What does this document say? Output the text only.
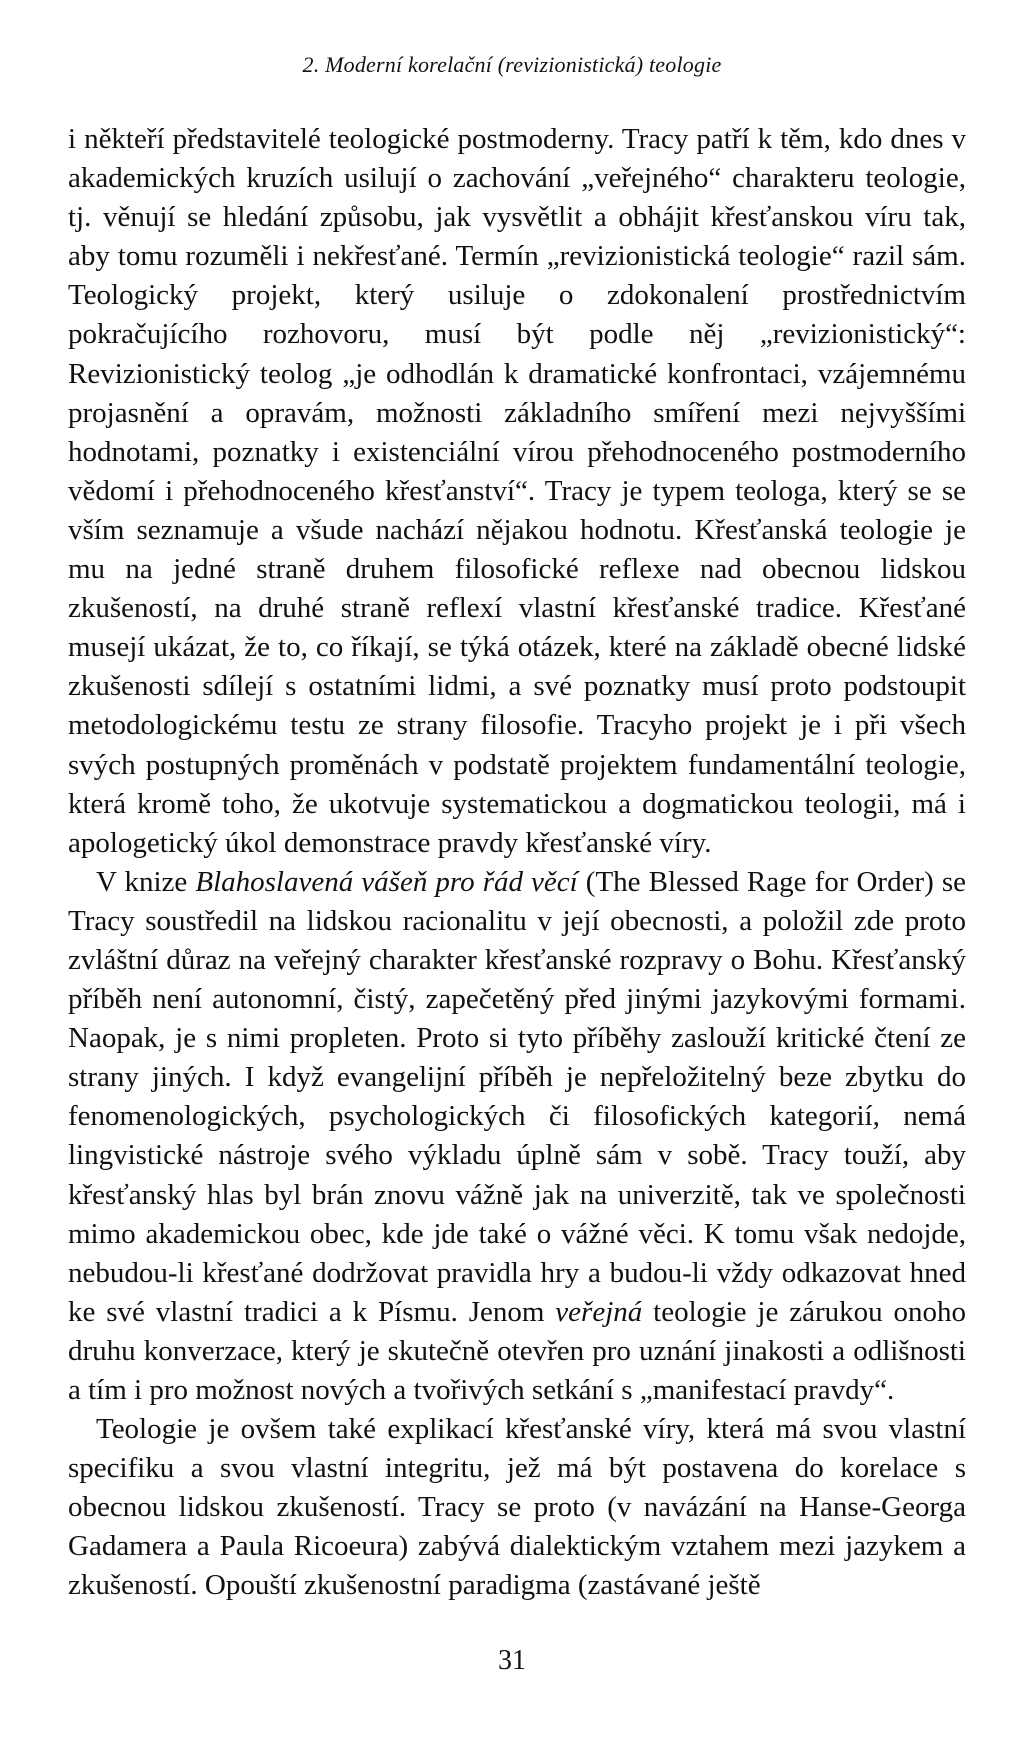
2. Moderní korelační (revizionistická) teologie

i někteří představitelé teologické postmoderny. Tracy patří k těm, kdo dnes v akademických kruzích usilují o zachování „veřejného“ charakteru teologie, tj. věnují se hledání způsobu, jak vysvětlit a obhájit křesťanskou víru tak, aby tomu rozuměli i nekřesťané. Termín „revizionistická teologie“ razil sám. Teologický projekt, který usiluje o zdokonalení prostřednictvím pokračujícího rozhovoru, musí být podle něj „revizionistický“: Revizionistický teolog „je odhodlán k dramatické konfrontaci, vzájemnému projasnění a opravám, možnosti základního smíření mezi nejvyššími hodnotami, poznatky i existenciální vírou přehodnoceného postmoderního vědomí i přehodnoceného křesťanství“. Tracy je typem teologa, který se se vším seznamuje a všude nachází nějakou hodnotu. Křesťanská teologie je mu na jedné straně druhem filosofické reflexe nad obecnou lidskou zkušeností, na druhé straně reflexí vlastní křesťanské tradice. Křesťané musejí ukázat, že to, co říkají, se týká otázek, které na základě obecné lidské zkušenosti sdílejí s ostatními lidmi, a své poznatky musí proto podstoupit metodologickému testu ze strany filosofie. Tracyho projekt je i při všech svých postupných proměnách v podstatě projektem fundamentální teologie, která kromě toho, že ukotvuje systematickou a dogmatickou teologii, má i apologetický úkol demonstrace pravdy křesťanské víry.

V knize Blahoslavená vášeň pro řád věcí (The Blessed Rage for Order) se Tracy soustředil na lidskou racionalitu v její obecnosti, a položil zde proto zvláštní důraz na veřejný charakter křesťanské rozpravy o Bohu. Křesťanský příběh není autonomní, čistý, zapečetěný před jinými jazykovými formami. Naopak, je s nimi propleten. Proto si tyto příběhy zaslouží kritické čtení ze strany jiných. I když evangelijní příběh je nepřeložitelný beze zbytku do fenomenologických, psychologických či filosofických kategorií, nemá lingvistické nástroje svého výkladu úplně sám v sobě. Tracy touží, aby křesťanský hlas byl brán znovu vážně jak na univerzitě, tak ve společnosti mimo akademickou obec, kde jde také o vážné věci. K tomu však nedojde, nebudou-li křesťané dodržovat pravidla hry a budou-li vždy odkazovat hned ke své vlastní tradici a k Písmu. Jenom veřejná teologie je zárukou onoho druhu konverzace, který je skutečně otevřen pro uznání jinakosti a odlišnosti a tím i pro možnost nových a tvořivých setkání s „manifestací pravdy“.

Teologie je ovšem také explikací křesťanské víry, která má svou vlastní specifiku a svou vlastní integritu, jež má být postavena do korelace s obecnou lidskou zkušeností. Tracy se proto (v navázání na Hanse-Georga Gadamera a Paula Ricoeura) zabývá dialektickým vztahem mezi jazykem a zkušeností. Opouští zkušenostní paradigma (zastávané ještě

31
